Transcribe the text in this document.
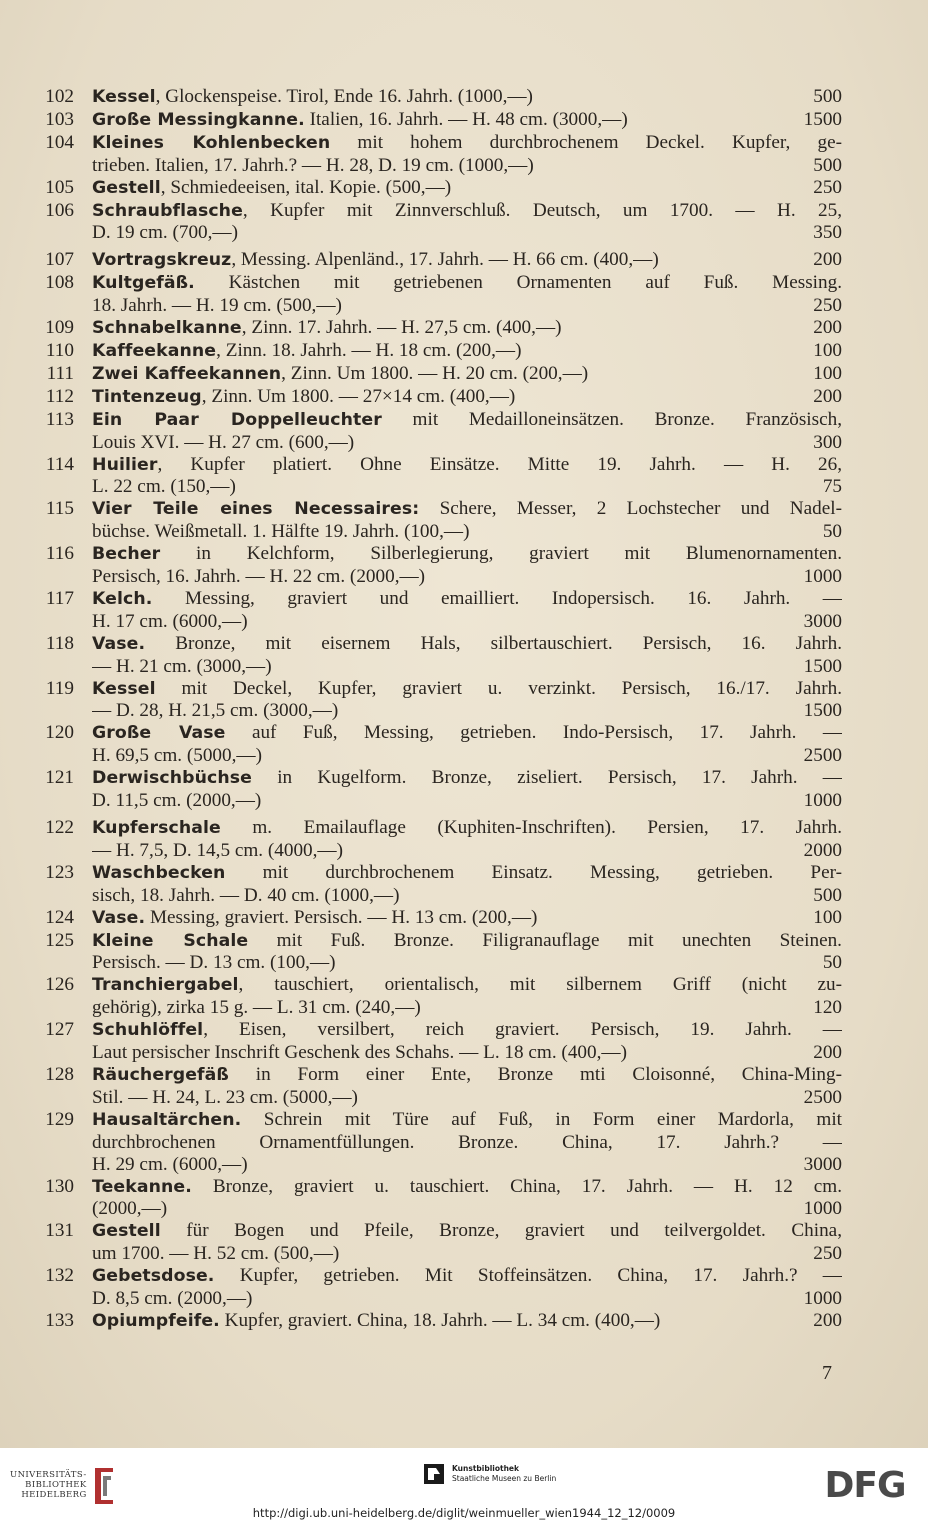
102	Kessel, Glockenspeise. Tirol, Ende 16. Jahrh. (1000,—)	500
103	Große Messingkanne. Italien, 16. Jahrh. — H. 48 cm. (3000,—)	1500
104	Kleines Kohlenbecken mit hohem durchbrochenem Deckel. Kupfer, ge-
trieben. Italien, 17. Jahrh.? — H. 28, D. 19 cm. (1000,—)	500
105	Gestell, Schmiedeeisen, ital. Kopie. (500,—)	250
106	Schraubflasche, Kupfer mit Zinnverschluß. Deutsch, um 1700. — H. 25,
D. 19 cm. (700,—)	350
107	Vortragskreuz, Messing. Alpenländ., 17. Jahrh. — H. 66 cm. (400,—)	200
108	Kultgefäß. Kästchen mit getriebenen Ornamenten auf Fuß. Messing.
18. Jahrh. — H. 19 cm. (500,—)	250
109	Schnabelkanne, Zinn. 17. Jahrh. — H. 27,5 cm. (400,—)	200
110	Kaffeekanne, Zinn. 18. Jahrh. — H. 18 cm. (200,—)	100
111	Zwei Kaffeekannen, Zinn. Um 1800. — H. 20 cm. (200,—)	100
112	Tintenzeug, Zinn. Um 1800. — 27×14 cm. (400,—)	200
113	Ein Paar Doppelleuchter mit Medailloneinsätzen. Bronze. Französisch,
Louis XVI. — H. 27 cm. (600,—)	300
114	Huilier, Kupfer platiert. Ohne Einsätze. Mitte 19. Jahrh. — H. 26,
L. 22 cm. (150,—)	75
115	Vier Teile eines Necessaires: Schere, Messer, 2 Lochstecher und Nadel-
büchse. Weißmetall. 1. Hälfte 19. Jahrh. (100,—)	50
116	Becher in Kelchform, Silberlegierung, graviert mit Blumenornamenten.
Persisch, 16. Jahrh. — H. 22 cm. (2000,—)	1000
117	Kelch. Messing, graviert und emailliert. Indopersisch. 16. Jahrh. —
H. 17 cm. (6000,—)	3000
118	Vase. Bronze, mit eisernem Hals, silbertauschiert. Persisch, 16. Jahrh.
— H. 21 cm. (3000,—)	1500
119	Kessel mit Deckel, Kupfer, graviert u. verzinkt. Persisch, 16./17. Jahrh.
— D. 28, H. 21,5 cm. (3000,—)	1500
120	Große Vase auf Fuß, Messing, getrieben. Indo-Persisch, 17. Jahrh. —
H. 69,5 cm. (5000,—)	2500
121	Derwischbüchse in Kugelform. Bronze, ziseliert. Persisch, 17. Jahrh. —
D. 11,5 cm. (2000,—)	1000
122	Kupferschale m. Emailauflage (Kuphiten-Inschriften). Persien, 17. Jahrh.
— H. 7,5, D. 14,5 cm. (4000,—)	2000
123	Waschbecken mit durchbrochenem Einsatz. Messing, getrieben. Per-
sisch, 18. Jahrh. — D. 40 cm. (1000,—)	500
124	Vase. Messing, graviert. Persisch. — H. 13 cm. (200,—)	100
125	Kleine Schale mit Fuß. Bronze. Filigranauflage mit unechten Steinen.
Persisch. — D. 13 cm. (100,—)	50
126	Tranchiergabel, tauschiert, orientalisch, mit silbernem Griff (nicht zu-
gehörig), zirka 15 g. — L. 31 cm. (240,—)	120
127	Schuhlöffel, Eisen, versilbert, reich graviert. Persisch, 19. Jahrh. —
Laut persischer Inschrift Geschenk des Schahs. — L. 18 cm. (400,—)	200
128	Räuchergefäß in Form einer Ente, Bronze mti Cloisonné, China-Ming-
Stil. — H. 24, L. 23 cm. (5000,—)	2500
129	Hausaltärchen. Schrein mit Türe auf Fuß, in Form einer Mardorla, mit
durchbrochenen Ornamentfüllungen. Bronze. China, 17. Jahrh.? —
H. 29 cm. (6000,—)	3000
130	Teekanne. Bronze, graviert u. tauschiert. China, 17. Jahrh. — H. 12 cm.
(2000,—)	1000
131	Gestell für Bogen und Pfeile, Bronze, graviert und teilvergoldet. China,
um 1700. — H. 52 cm. (500,—)	250
132	Gebetsdose. Kupfer, getrieben. Mit Stoffeinsätzen. China, 17. Jahrh.? —
D. 8,5 cm. (2000,—)	1000
133	Opiumpfeife. Kupfer, graviert. China, 18. Jahrh. — L. 34 cm. (400,—)	200
7
UNIVERSITÄTS-
BIBLIOTHEK
HEIDELBERG
Kunstbibliothek
Staatliche Museen zu Berlin	DFG
http://digi.ub.uni-heidelberg.de/diglit/weinmueller_wien1944_12_12/0009
